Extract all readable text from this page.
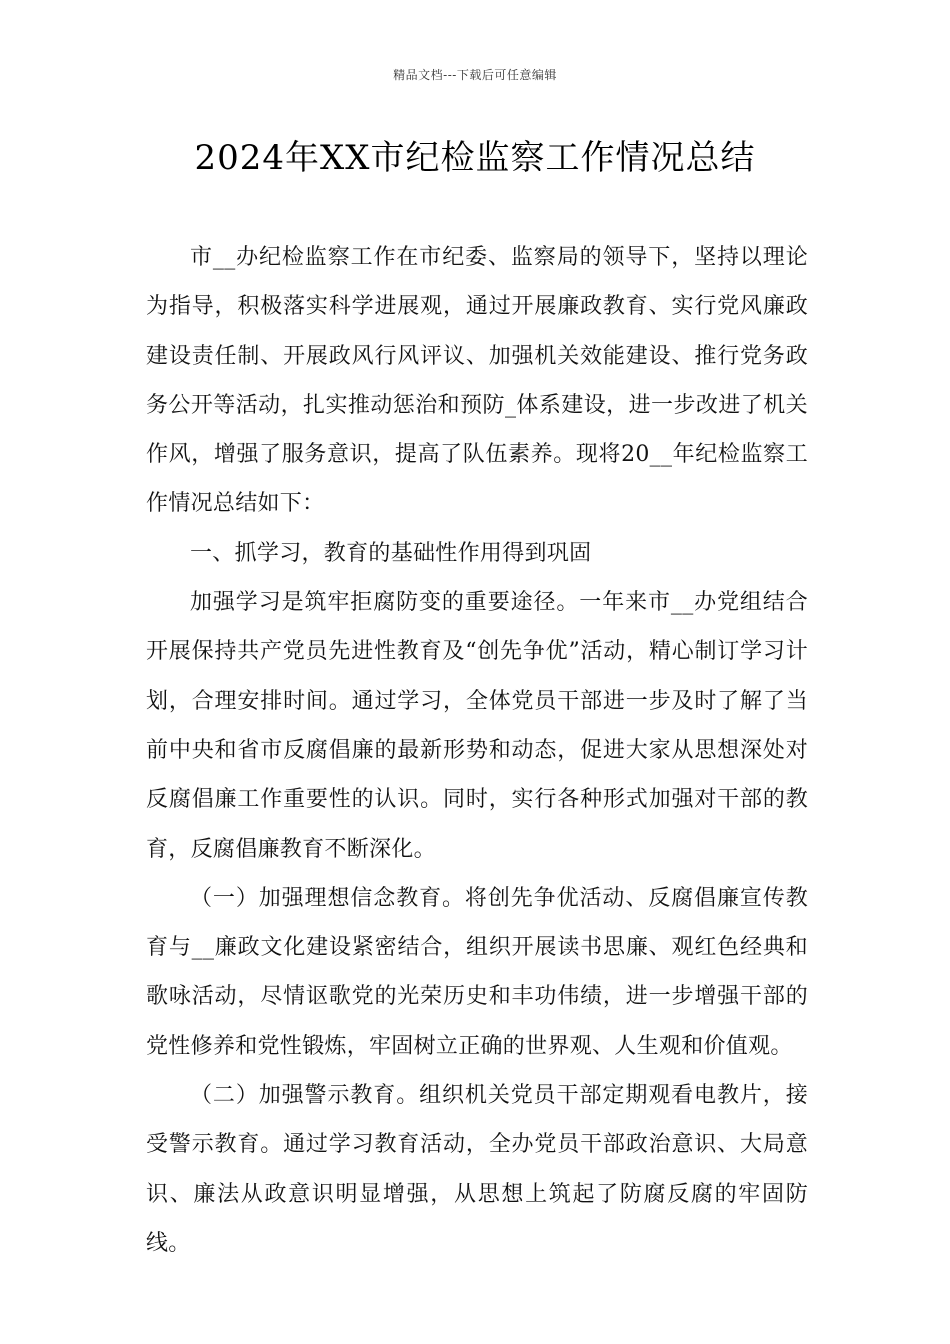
精品文档---下载后可任意编辑
2024年XX市纪检监察工作情况总结

市__办纪检监察工作在市纪委、监察局的领导下，坚持以理论为指导，积极落实科学进展观，通过开展廉政教育、实行党风廉政建设责任制、开展政风行风评议、加强机关效能建设、推行党务政务公开等活动，扎实推动惩治和预防_体系建设，进一步改进了机关作风，增强了服务意识，提高了队伍素养。现将20__年纪检监察工作情况总结如下：

一、抓学习，教育的基础性作用得到巩固

加强学习是筑牢拒腐防变的重要途径。一年来市__办党组结合开展保持共产党员先进性教育及“创先争优”活动，精心制订学习计划，合理安排时间。通过学习，全体党员干部进一步及时了解了当前中央和省市反腐倡廉的最新形势和动态，促进大家从思想深处对反腐倡廉工作重要性的认识。同时，实行各种形式加强对干部的教育，反腐倡廉教育不断深化。

（一）加强理想信念教育。将创先争优活动、反腐倡廉宣传教育与__廉政文化建设紧密结合，组织开展读书思廉、观红色经典和歌咏活动，尽情讴歌党的光荣历史和丰功伟绩，进一步增强干部的党性修养和党性锻炼，牢固树立正确的世界观、人生观和价值观。

（二）加强警示教育。组织机关党员干部定期观看电教片，接受警示教育。通过学习教育活动，全办党员干部政治意识、大局意识、廉法从政意识明显增强，从思想上筑起了防腐反腐的牢固防线。
